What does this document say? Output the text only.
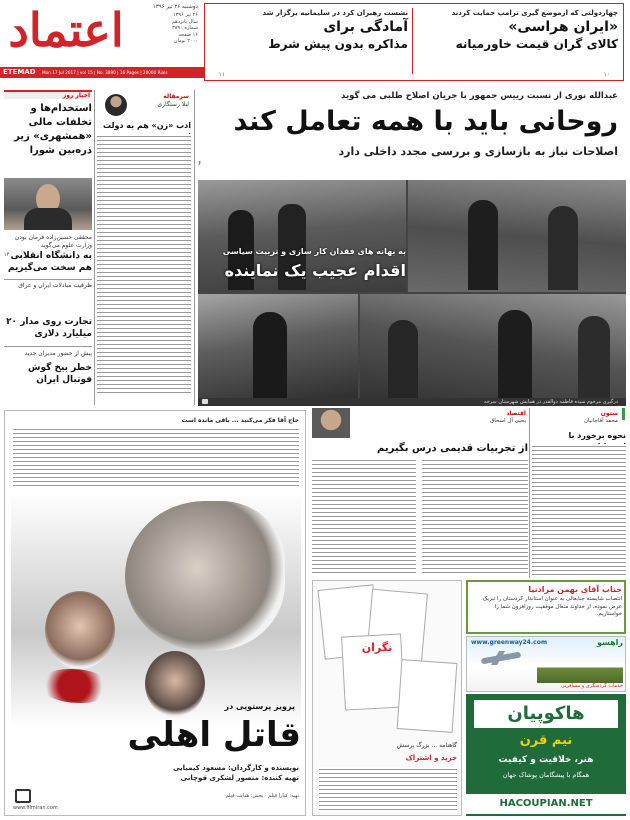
اعتماد	دوشنبه ۲۶ تیر ۱۳۹۶
۲۶ تیر ۱۳۹۶
سال پانزدهم
شماره ۳۸۹۰
۱۶ صفحه
۲۰۰۰ تومان
ETEMAD	Mon 17 Jul 2017 | vol 15 | No. 3890 | 16 Pages | 20000 Rials
چهاردولتی که ازموضع گیری ترامپ حمایت کردند
«ایران هراسی»
کالای گران قیمت خاورمیانه
۱۰
نشست رهبران کرد در سلیمانیه برگزار شد
آمادگی برای
مذاکره بدون پیش شرط
۱۱
اخبار روز
استخدام‌ها و تخلفات مالی «همشهری» زیر ذره‌بین شورا
۱۴
محققی حسین‌زاده فرمان بودن وزارت علوم می‌گوید
به دانشگاه انقلابی هم سخت می‌گیریم
ظرفیت مبادلات ایران و عراق
تجارت روی مدار ۲۰ میلیارد دلاری
پیش از حضور مدیران جدید
خطر بیخ گوش فوتبال ایران
سرمقاله
لیلا رستگاری
ادب «زن» هم به دولت
عبدالله نوری از نسبت رییس جمهور با جریان اصلاح طلبی می گوید
روحانی باید با همه تعامل کند
اصلاحات نیاز به بازسازی و بررسی مجدد داخلی دارد
۶
به بهانه های فقدان کار سازی و تربیت سیاسی
اقدام عجیب یک نماینده
درگیری مرحوم سیده فاطمه ذوالقدر در همایش شهرستان سرخه
ستون
محمد آقاجانیان
نحوه برخورد با
اقتصاد
یحیی آل اسحاق
از تجربیات قدیمی درس بگیریم
حاج آقا فکر می‌کنید ... باقی مانده است
پرویز پرستویی در
قاتل اهلی
نویسنده و کارگردان: مسعود کیمیایی
تهیه کننده: منصور لشکری قوچانی
تهیه: کیارا فیلم · پخش: هدایت فیلم
www.filmiran.com
نگران
گاهنامه ... بزرگ پرسش
خرید و اشتراک
جناب آقای بهمن مرادنیا
انتصاب شایسته جنابعالی به عنوان استاندار کردستان را تبریک عرض نموده، از خداوند متعال موفقیت روزافزون شما را خواستاریم.
www.greenway24.com	راهسو
خدمات گردشگری و مسافرتی
هاکوپیان
نیم قرن
هنر، خلاقیت و کیفیت
همگام با پیشگامان پوشاک جهان
HACOUPIAN.NET
